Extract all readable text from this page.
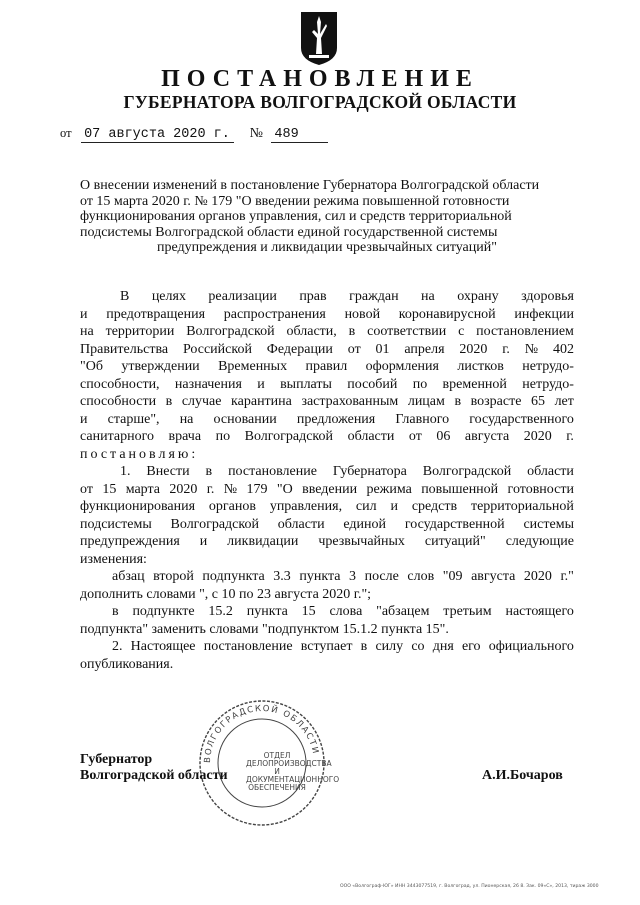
ПОСТАНОВЛЕНИЕ
ГУБЕРНАТОРА ВОЛГОГРАДСКОЙ ОБЛАСТИ
от 07 августа 2020 г. № 489
О внесении изменений в постановление Губернатора Волгоградской области
от 15 марта 2020 г. № 179 "О введении режима повышенной готовности
функционирования органов управления, сил и средств территориальной
подсистемы Волгоградской области единой государственной системы
предупреждения и ликвидации чрезвычайных ситуаций"
В целях реализации прав граждан на охрану здоровья
и предотвращения распространения новой коронавирусной инфекции
на территории Волгоградской области, в соответствии с постановлением
Правительства Российской Федерации от 01 апреля 2020 г. № 402
"Об утверждении Временных правил оформления листков нетрудо-
способности, назначения и выплаты пособий по временной нетрудо-
способности в случае карантина застрахованным лицам в возрасте 65 лет
и старше", на основании предложения Главного государственного
санитарного врача по Волгоградской области от 06 августа 2020 г.
постановляю:
1. Внести в постановление Губернатора Волгоградской области
от 15 марта 2020 г. № 179 "О введении режима повышенной готовности
функционирования органов управления, сил и средств территориальной
подсистемы Волгоградской области единой государственной системы
предупреждения и ликвидации чрезвычайных ситуаций" следующие
изменения:
абзац второй подпункта 3.3 пункта 3 после слов "09 августа 2020 г."
дополнить словами ", с 10 по 23 августа 2020 г.";
в подпункте 15.2 пункта 15 слова "абзацем третьим настоящего
подпункта" заменить словами "подпунктом 15.1.2 пункта 15".
2. Настоящее постановление вступает в силу со дня его официального
опубликования.
ВОЛГОГРАДСКОЙ ОБЛАСТИ
ОТДЕЛ
ДЕЛОПРОИЗВОДСТВА И
ДОКУМЕНТАЦИОННОГО
ОБЕСПЕЧЕНИЯ
Губернатор
Волгоградской области	А.И.Бочаров
ООО «Волгограф-ЮГ» ИНН 3443077519, г. Волгоград, ул. Пионерская, 26 8. Зак. 09«С», 2013, тираж 3000
